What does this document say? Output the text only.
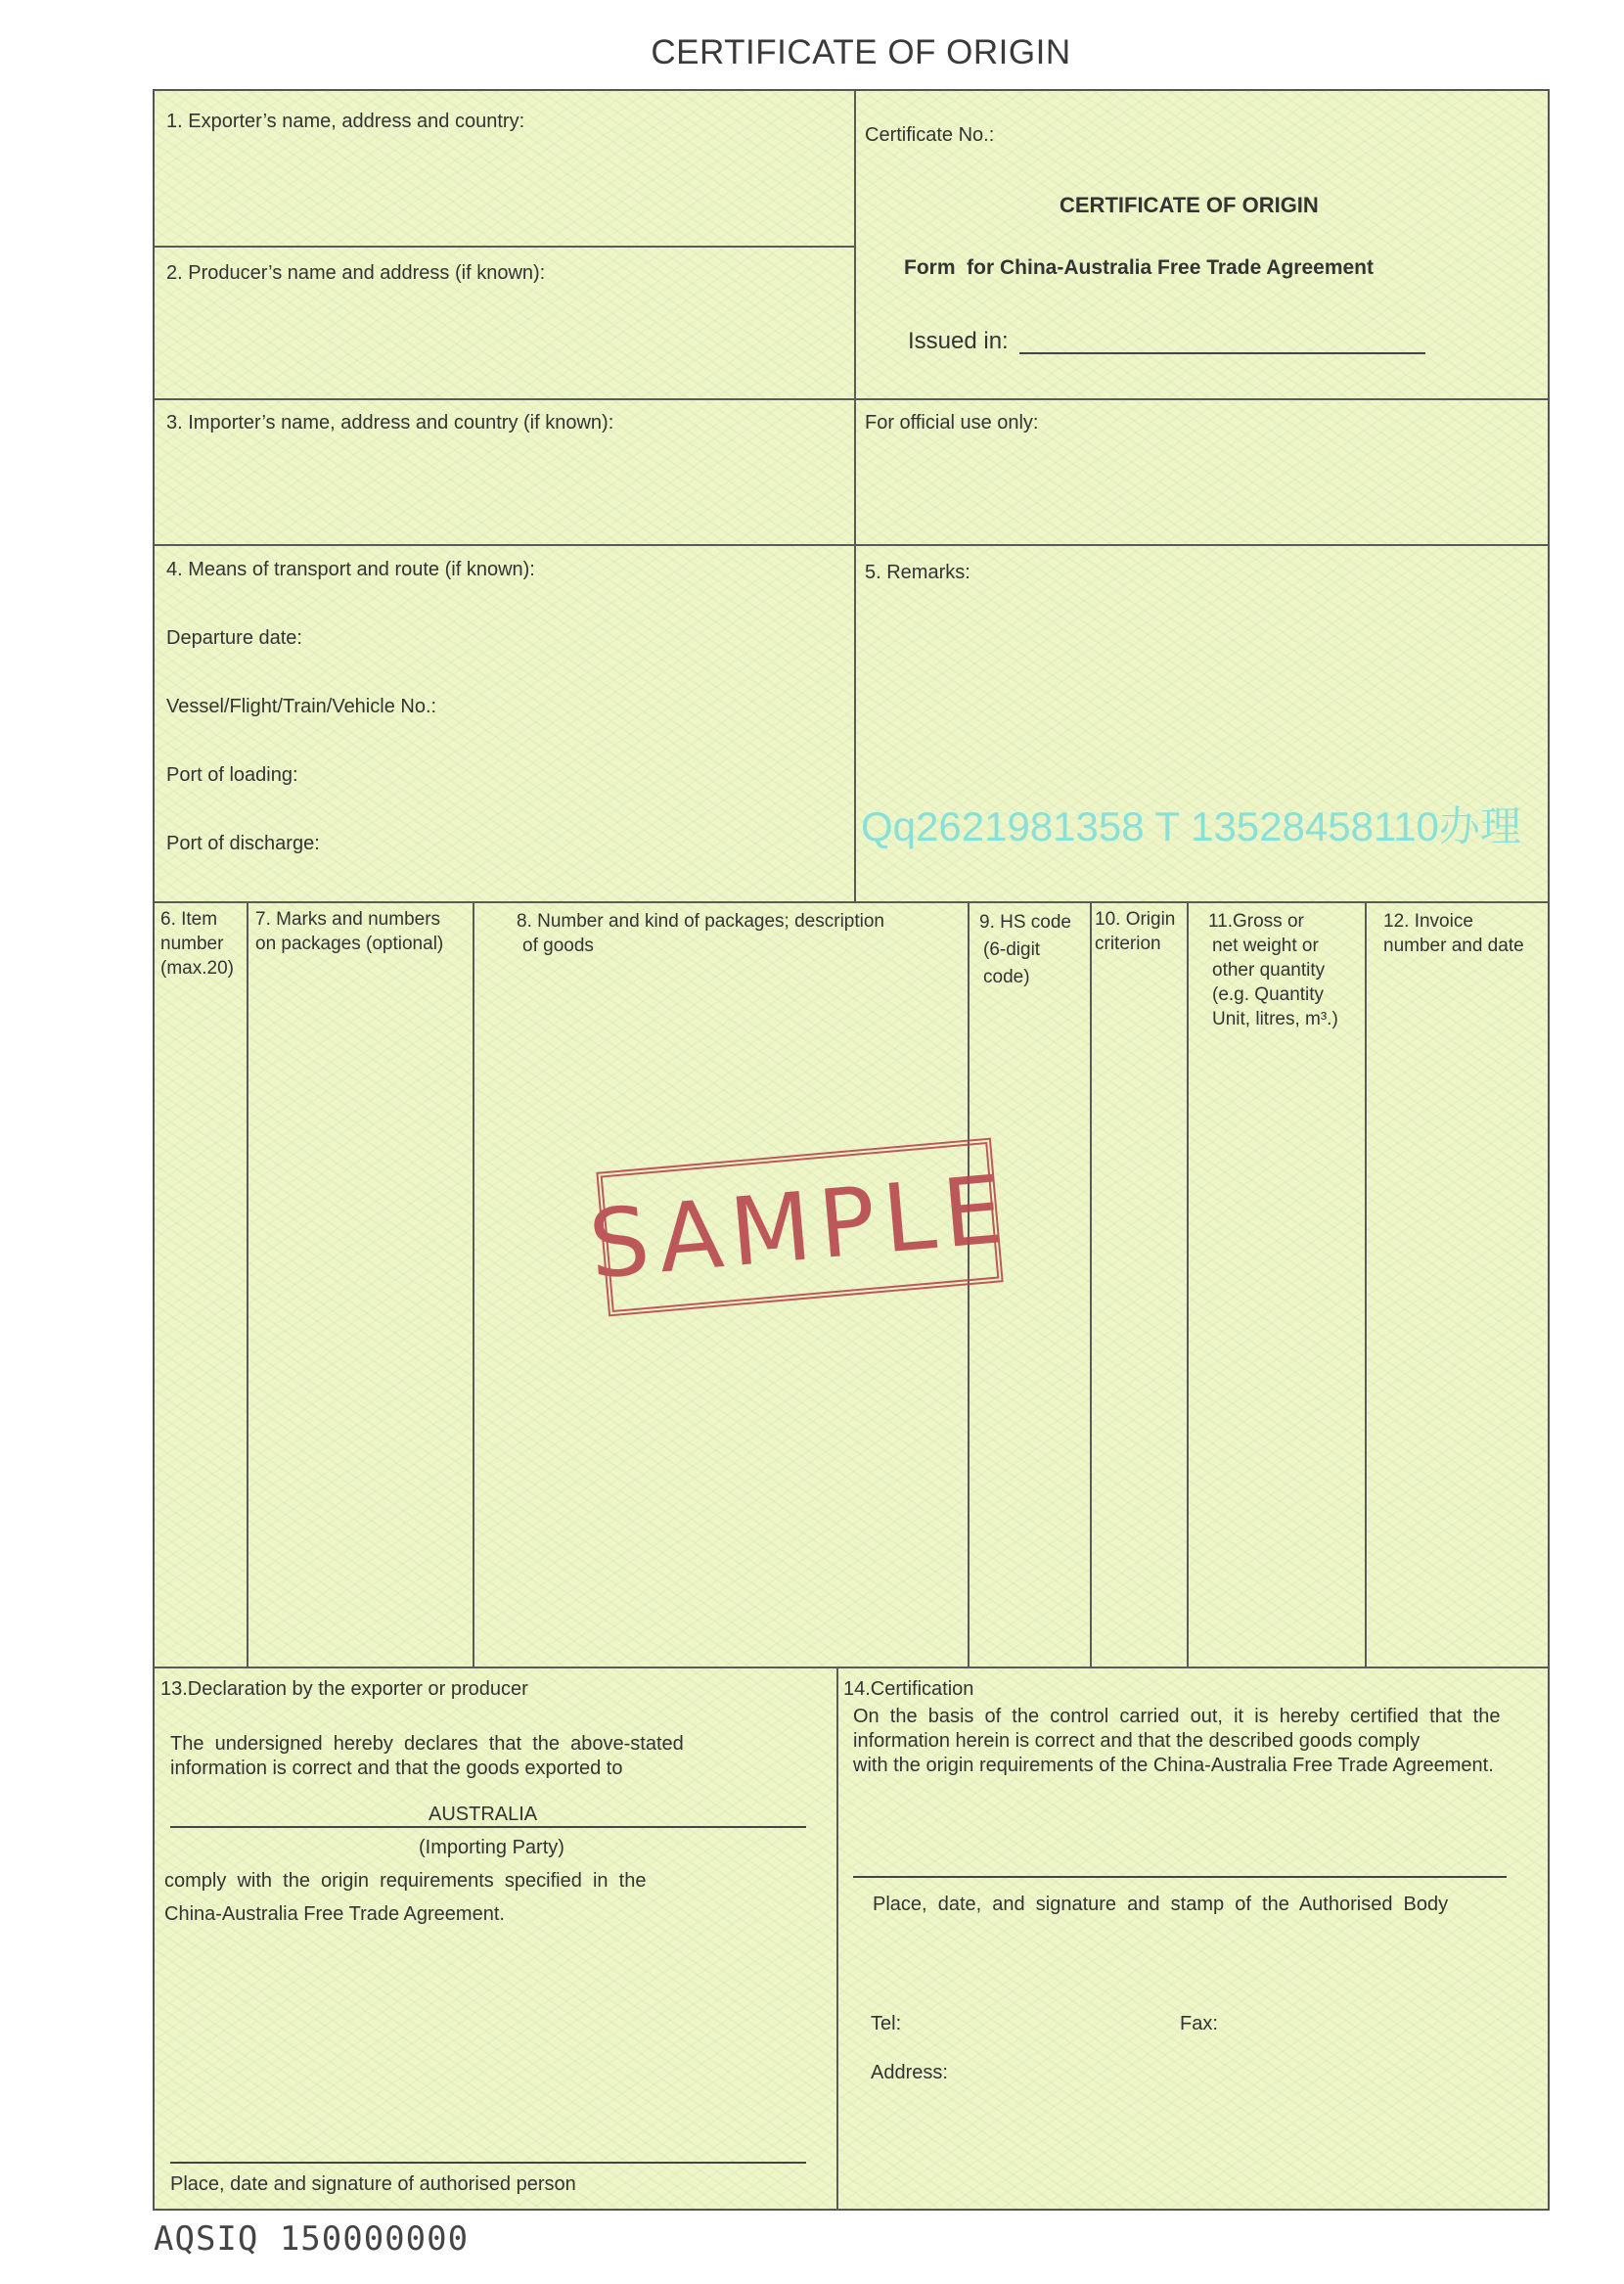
CERTIFICATE OF ORIGIN
1. Exporter’s name, address and country:
2. Producer’s name and address (if known):
Certificate No.:
CERTIFICATE OF ORIGIN
Form for China-Australia Free Trade Agreement
Issued in:
3. Importer’s name, address and country (if known):	For official use only:
4. Means of transport and route (if known):
Departure date:
Vessel/Flight/Train/Vehicle No.:
Port of loading:
Port of discharge:
5. Remarks:
6. Item
number
(max.20)
7. Marks and numbers
on packages (optional)
8. Number and kind of packages; description
of goods
9. HS code
(6-digit
code)
10. Origin
criterion
11.Gross or
net weight or
other quantity
(e.g. Quantity
Unit, litres, m³.)
12. Invoice
number and date
13.Declaration by the exporter or producer
The  undersigned  hereby  declares  that  the  above-stated
information is correct and that the goods exported to
AUSTRALIA
(Importing Party)
comply  with  the  origin  requirements  specified  in  the
China-Australia Free Trade Agreement.
Place, date and signature of authorised person
14.Certification
On  the  basis  of  the  control  carried  out,  it  is  hereby  certified  that  the
information herein is correct and that the described goods comply
with the origin requirements of the China-Australia Free Trade Agreement.
Place,  date,  and  signature  and  stamp  of  the  Authorised  Body
Tel:	Fax:
Address:
Qq2621981358 T 13528458110办理
SAMPLE
AQSIQ 150000000
